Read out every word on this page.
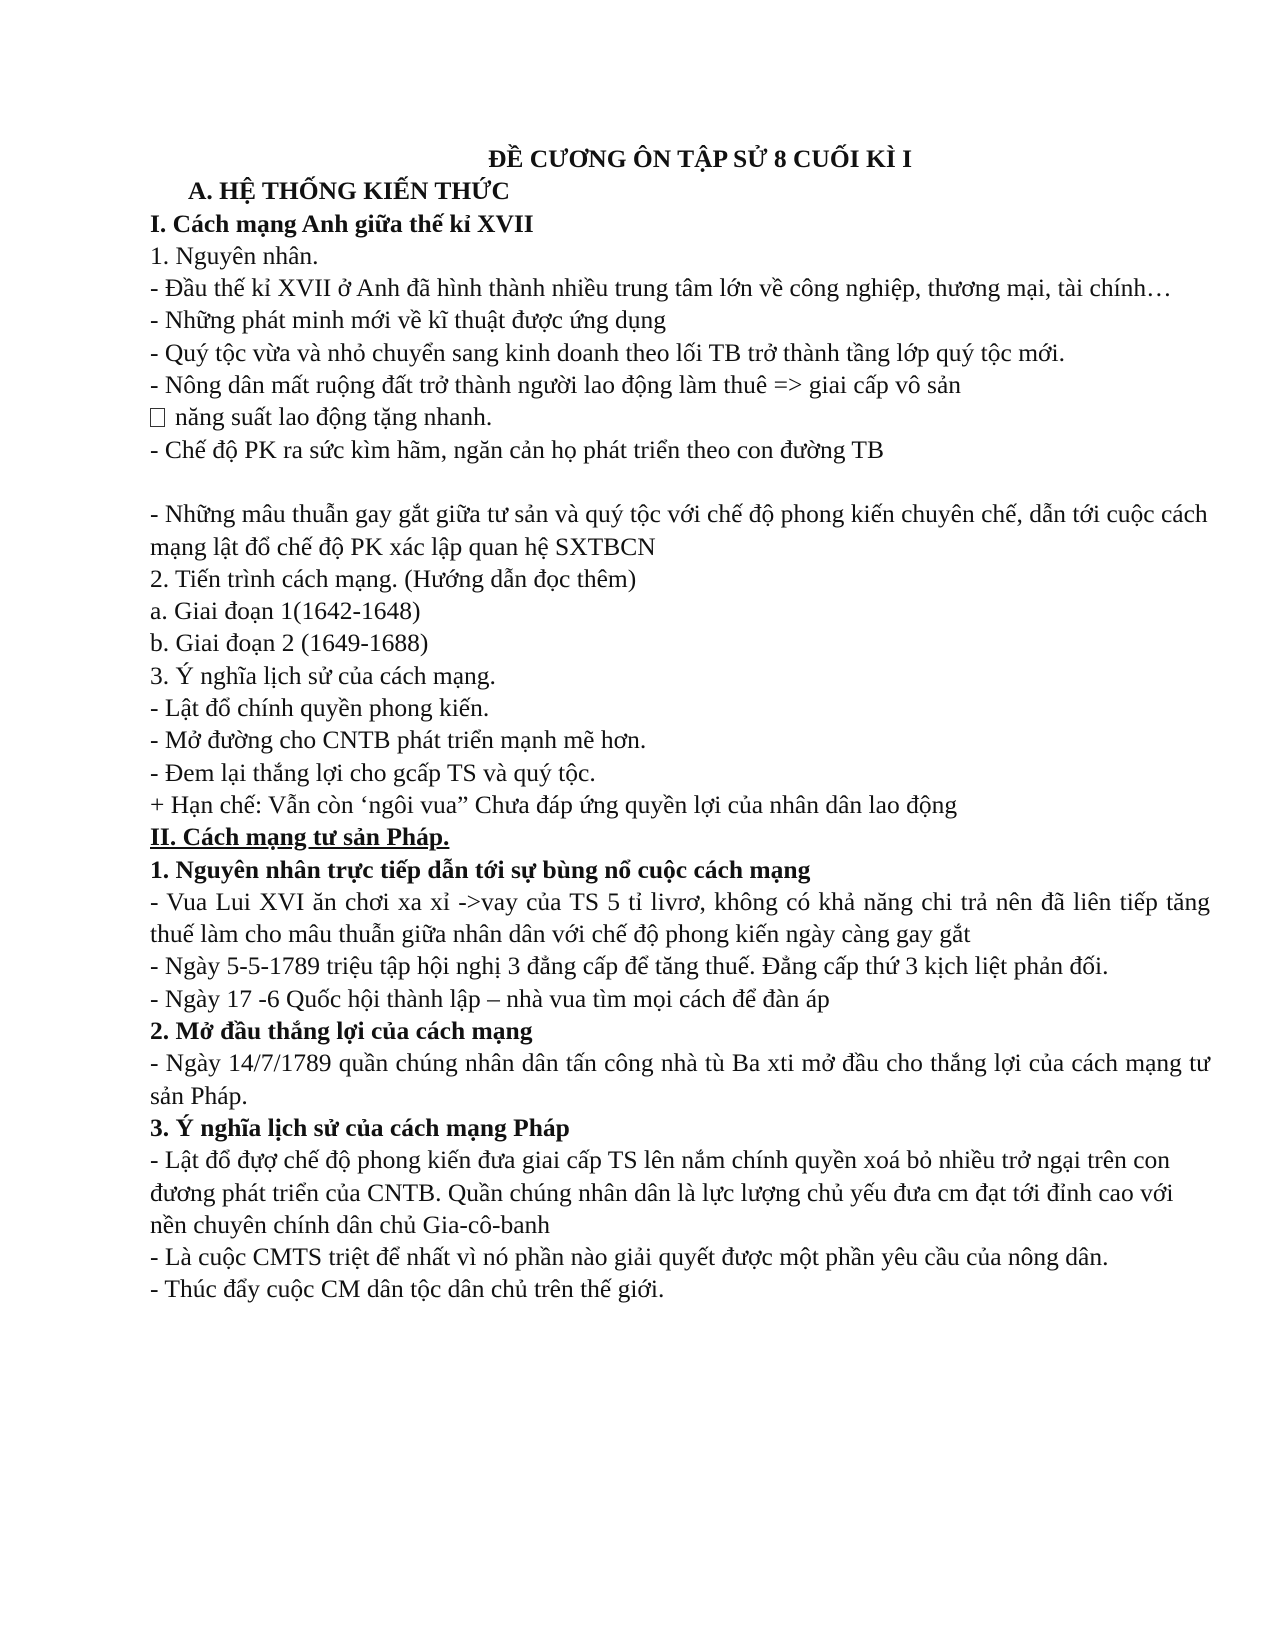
ĐỀ CƯƠNG ÔN TẬP SỬ 8 CUỐI KÌ I
A. HỆ THỐNG KIẾN THỨC
I. Cách mạng Anh giữa thế kỉ XVII
1. Nguyên nhân.
- Đầu thế kỉ XVII ở Anh đã hình thành nhiều trung tâm lớn về công nghiệp, thương mại, tài chính…
- Những phát minh mới về kĩ thuật được ứng dụng
- Quý tộc vừa và nhỏ chuyển sang kinh doanh theo lối TB trở thành tầng lớp quý tộc mới.
- Nông dân mất ruộng đất trở thành người lao động làm thuê => giai cấp vô sản
năng suất lao động tặng nhanh.
- Chế độ PK ra sức kìm hãm, ngăn cản họ phát triển theo con đường TB
- Những mâu thuẫn gay gắt giữa tư sản và quý tộc với chế độ phong kiến chuyên chế, dẫn tới cuộc cách mạng lật đổ chế độ PK xác lập quan hệ SXTBCN
2. Tiến trình cách mạng. (Hướng dẫn đọc thêm)
a. Giai đoạn 1(1642-1648)
b. Giai đoạn 2 (1649-1688)
3. Ý nghĩa lịch sử của cách mạng.
- Lật đổ chính quyền phong kiến.
- Mở đường cho CNTB phát triển mạnh mẽ hơn.
- Đem lại thắng lợi cho gcấp TS và quý tộc.
+ Hạn chế: Vẫn còn ‘ngôi vua” Chưa đáp ứng quyền lợi của nhân dân lao động
II. Cách mạng tư sản Pháp.
1. Nguyên nhân trực tiếp dẫn tới sự bùng nổ cuộc cách mạng
- Vua Lui XVI ăn chơi xa xỉ ->vay của TS 5 tỉ livrơ, không có khả năng chi trả nên đã liên tiếp tăng thuế làm cho mâu thuẫn giữa nhân dân với chế độ phong kiến ngày càng gay gắt
- Ngày 5-5-1789 triệu tập hội nghị 3 đẳng cấp để tăng thuế. Đẳng cấp thứ 3 kịch liệt phản đối.
- Ngày 17 -6 Quốc hội thành lập – nhà vua tìm mọi cách để đàn áp
2. Mở đầu thắng lợi của cách mạng
- Ngày 14/7/1789 quần chúng nhân dân tấn công nhà tù Ba xti mở đầu cho thắng lợi của cách mạng tư sản Pháp.
3. Ý nghĩa lịch sử của cách mạng Pháp
- Lật đổ đựợ chế độ phong kiến đưa giai cấp TS lên nắm chính quyền xoá bỏ nhiều trở ngại trên con đương phát triển của CNTB. Quần chúng nhân dân là lực lượng chủ yếu đưa cm đạt tới đỉnh cao với nền chuyên chính dân chủ Gia-cô-banh
- Là cuộc CMTS triệt để nhất vì nó phần nào giải quyết được một phần yêu cầu của nông dân.
- Thúc đẩy cuộc CM dân tộc dân chủ trên thế giới.
